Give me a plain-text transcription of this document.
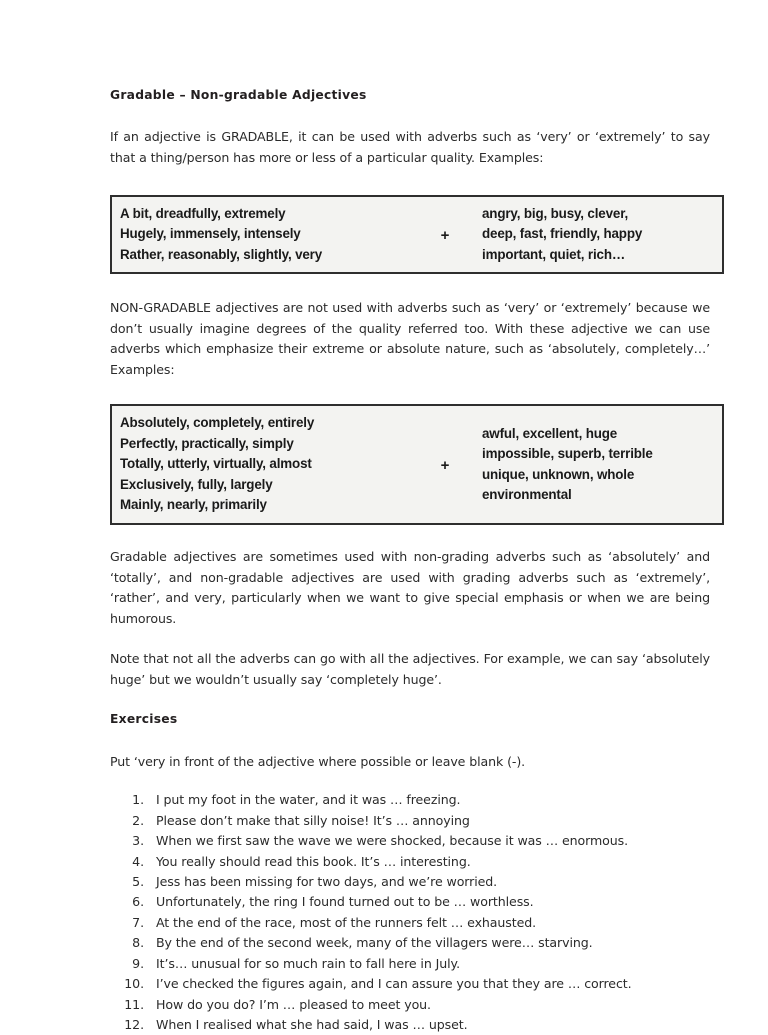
Gradable – Non-gradable Adjectives

If an adjective is GRADABLE, it can be used with adverbs such as ‘very’ or ‘extremely’ to say that a thing/person has more or less of a particular quality. Examples:

A bit, dreadfully, extremely
Hugely, immensely, intensely
Rather, reasonably, slightly, very
+
angry, big, busy, clever,
deep, fast, friendly, happy
important, quiet, rich…

NON-GRADABLE adjectives are not used with adverbs such as ‘very’ or ‘extremely’ because we don’t usually imagine degrees of the quality referred too. With these adjective we can use adverbs which emphasize their extreme or absolute nature, such as ‘absolutely, completely…’ Examples:

Absolutely, completely, entirely
Perfectly, practically, simply
Totally, utterly, virtually, almost
Exclusively, fully, largely
Mainly, nearly, primarily
+
awful, excellent, huge
impossible, superb, terrible
unique, unknown, whole
environmental

Gradable adjectives are sometimes used with non-grading adverbs such as ‘absolutely’ and ‘totally’, and non-gradable adjectives are used with grading adverbs such as ‘extremely’, ‘rather’, and very, particularly when we want to give special emphasis or when we are being humorous.

Note that not all the adverbs can go with all the adjectives. For example, we can say ‘absolutely huge’ but we wouldn’t usually say ‘completely huge’.

Exercises

Put ‘very in front of the adjective where possible or leave blank (-).

1. I put my foot in the water, and it was … freezing.
2. Please don’t make that silly noise! It’s … annoying
3. When we first saw the wave we were shocked, because it was … enormous.
4. You really should read this book. It’s … interesting.
5. Jess has been missing for two days, and we’re worried.
6. Unfortunately, the ring I found turned out to be … worthless.
7. At the end of the race, most of the runners felt … exhausted.
8. By the end of the second week, many of the villagers were… starving.
9. It’s… unusual for so much rain to fall here in July.
10. I’ve checked the figures again, and I can assure you that they are … correct.
11. How do you do? I’m … pleased to meet you.
12. When I realised what she had said, I was … upset.
